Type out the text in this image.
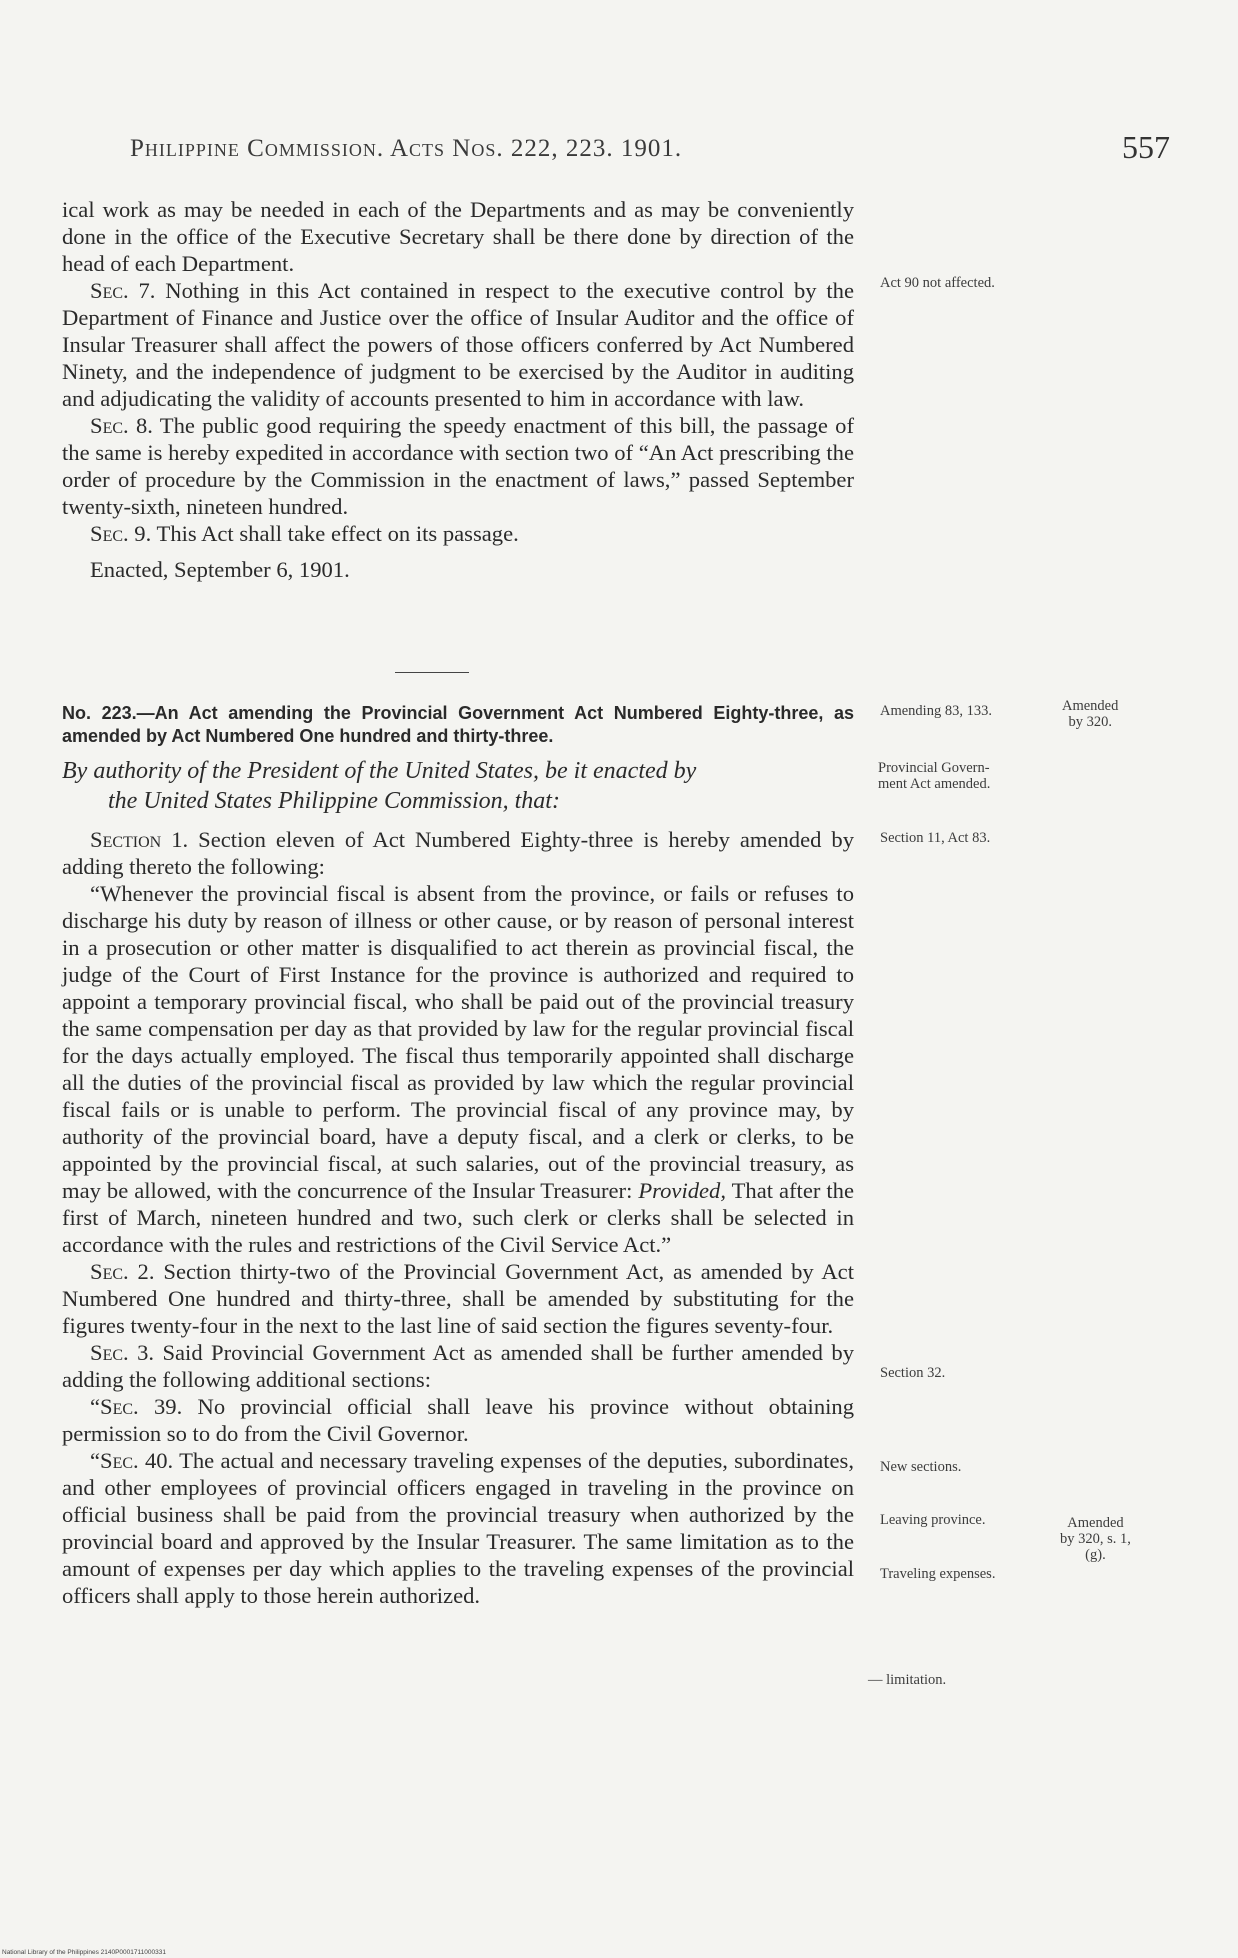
Philippine Commission. Acts Nos. 222, 223. 1901.	557

ical work as may be needed in each of the Departments and as may be conveniently done in the office of the Executive Secretary shall be there done by direction of the head of each Department.

Sec. 7. Nothing in this Act contained in respect to the executive control by the Department of Finance and Justice over the office of Insular Auditor and the office of Insular Treasurer shall affect the powers of those officers conferred by Act Numbered Ninety, and the independence of judgment to be exercised by the Auditor in auditing and adjudicating the validity of accounts presented to him in accordance with law.

Sec. 8. The public good requiring the speedy enactment of this bill, the passage of the same is hereby expedited in accordance with section two of “An Act prescribing the order of procedure by the Commission in the enactment of laws,” passed September twenty-sixth, nineteen hundred.

Sec. 9. This Act shall take effect on its passage.

Enacted, September 6, 1901.

No. 223.—An Act amending the Provincial Government Act Numbered Eighty-three, as amended by Act Numbered One hundred and thirty-three.

By authority of the President of the United States, be it enacted by
the United States Philippine Commission, that:

Section 1. Section eleven of Act Numbered Eighty-three is hereby amended by adding thereto the following:

“Whenever the provincial fiscal is absent from the province, or fails or refuses to discharge his duty by reason of illness or other cause, or by reason of personal interest in a prosecution or other matter is disqualified to act therein as provincial fiscal, the judge of the Court of First Instance for the province is authorized and required to appoint a temporary provincial fiscal, who shall be paid out of the provincial treasury the same compensation per day as that provided by law for the regular provincial fiscal for the days actually employed. The fiscal thus temporarily appointed shall discharge all the duties of the provincial fiscal as provided by law which the regular provincial fiscal fails or is unable to perform. The provincial fiscal of any province may, by authority of the provincial board, have a deputy fiscal, and a clerk or clerks, to be appointed by the provincial fiscal, at such salaries, out of the provincial treasury, as may be allowed, with the concurrence of the Insular Treasurer: Provided, That after the first of March, nineteen hundred and two, such clerk or clerks shall be selected in accordance with the rules and restrictions of the Civil Service Act.”

Sec. 2. Section thirty-two of the Provincial Government Act, as amended by Act Numbered One hundred and thirty-three, shall be amended by substituting for the figures twenty-four in the next to the last line of said section the figures seventy-four.

Sec. 3. Said Provincial Government Act as amended shall be further amended by adding the following additional sections:

“Sec. 39. No provincial official shall leave his province without obtaining permission so to do from the Civil Governor.

“Sec. 40. The actual and necessary traveling expenses of the deputies, subordinates, and other employees of provincial officers engaged in traveling in the province on official business shall be paid from the provincial treasury when authorized by the provincial board and approved by the Insular Treasurer. The same limitation as to the amount of expenses per day which applies to the traveling expenses of the provincial officers shall apply to those herein authorized.

Act 90 not affected.
Amending 83, 133.	Amended
by 320.
Provincial Govern-
ment Act amended.
Section 11, Act 83.
Section 32.
New sections.
Leaving province.	Amended
by 320, s. 1,
(g).
Traveling expenses.
— limitation.
National Library of the Philippines 2140P0001711000331
